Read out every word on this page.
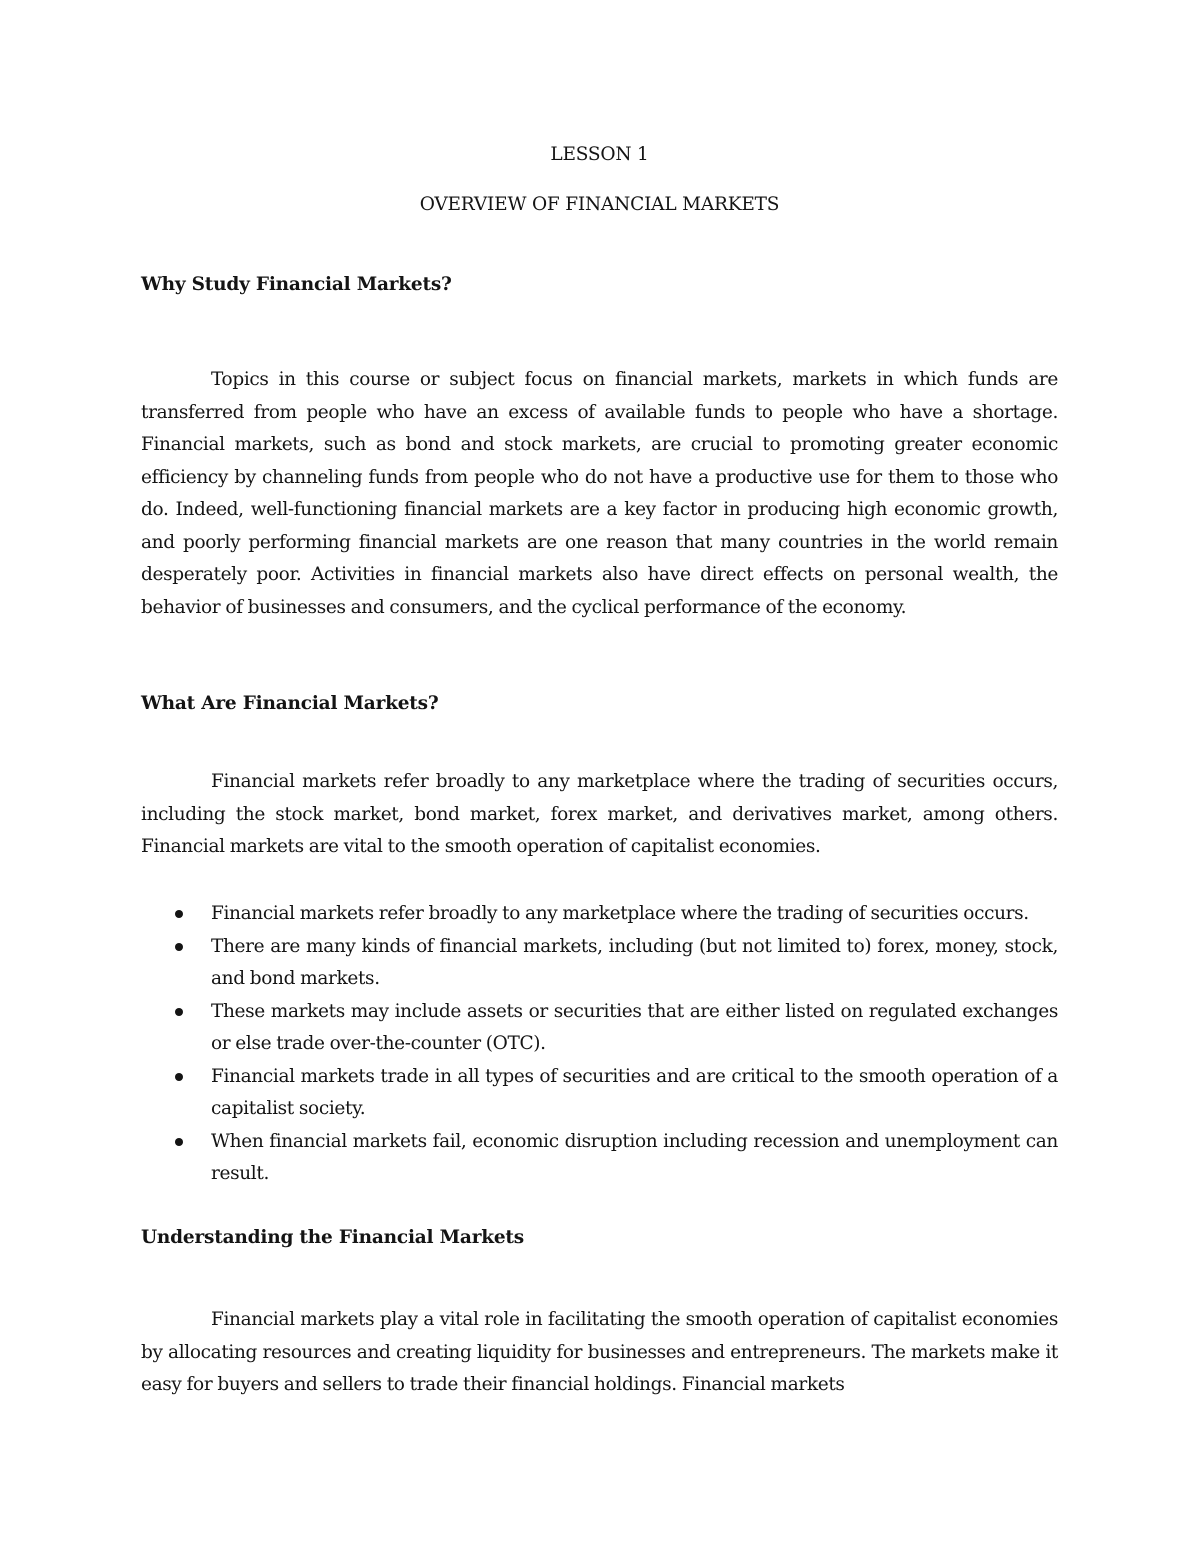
LESSON 1
OVERVIEW OF FINANCIAL MARKETS
Why Study Financial Markets?

Topics in this course or subject focus on financial markets, markets in which funds are transferred from people who have an excess of available funds to people who have a shortage. Financial markets, such as bond and stock markets, are crucial to promoting greater economic efficiency by channeling funds from people who do not have a productive use for them to those who do. Indeed, well-functioning financial markets are a key factor in producing high economic growth, and poorly performing financial markets are one reason that many countries in the world remain desperately poor. Activities in financial markets also have direct effects on personal wealth, the behavior of businesses and consumers, and the cyclical performance of the economy.

What Are Financial Markets?

Financial markets refer broadly to any marketplace where the trading of securities occurs, including the stock market, bond market, forex market, and derivatives market, among others. Financial markets are vital to the smooth operation of capitalist economies.

Financial markets refer broadly to any marketplace where the trading of securities occurs.
There are many kinds of financial markets, including (but not limited to) forex, money, stock, and bond markets.
These markets may include assets or securities that are either listed on regulated exchanges or else trade over-the-counter (OTC).
Financial markets trade in all types of securities and are critical to the smooth operation of a capitalist society.
When financial markets fail, economic disruption including recession and unemployment can result.
Understanding the Financial Markets

Financial markets play a vital role in facilitating the smooth operation of capitalist economies by allocating resources and creating liquidity for businesses and entrepreneurs. The markets make it easy for buyers and sellers to trade their financial holdings. Financial markets
